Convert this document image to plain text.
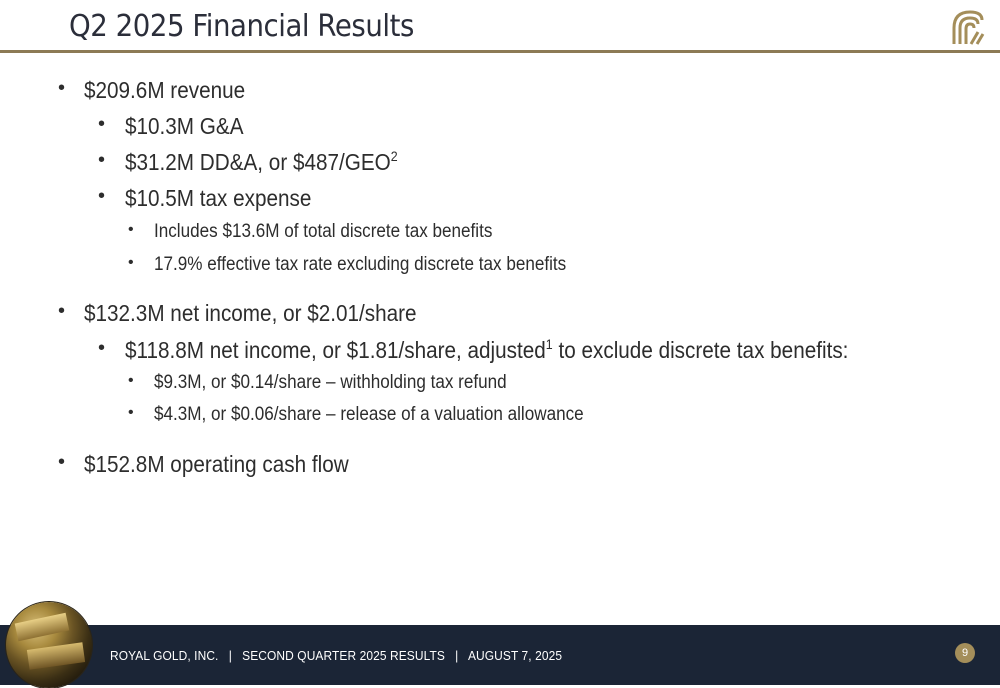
Q2 2025 Financial Results
• $209.6M revenue
• $10.3M G&A
• $31.2M DD&A, or $487/GEO$^2$
• $10.5M tax expense
• Includes $13.6M of total discrete tax benefits
• 17.9% effective tax rate excluding discrete tax benefits
• $132.3M net income, or $2.01/share
• $118.8M net income, or $1.81/share, adjusted$^1$ to exclude discrete tax benefits:
• $9.3M, or $0.14/share – withholding tax refund
• $4.3M, or $0.06/share – release of a valuation allowance
• $152.8M operating cash flow
ROYAL GOLD, INC.   |   SECOND QUARTER 2025 RESULTS   |   AUGUST 7, 2025	9
